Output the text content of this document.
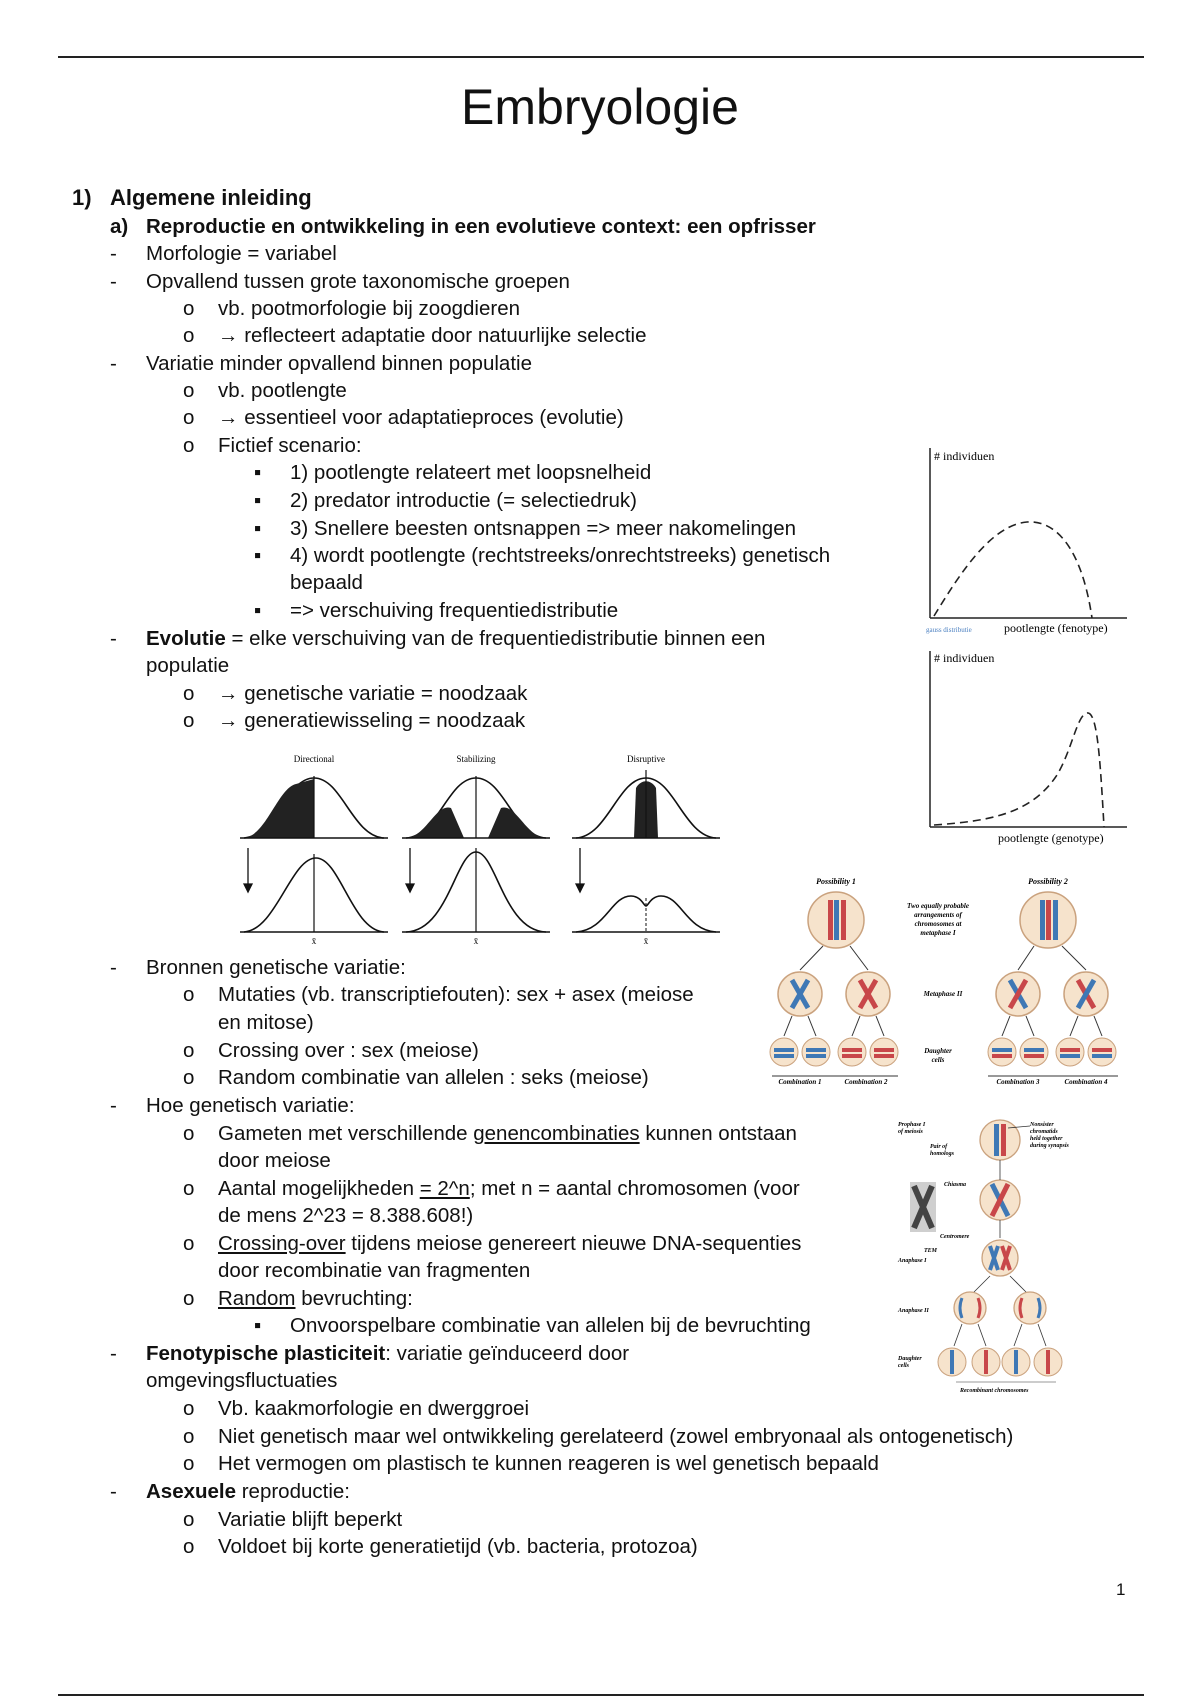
Embryologie
1) Algemene inleiding
a) Reproductie en ontwikkeling in een evolutieve context: een opfrisser
- Morfologie = variabel
- Opvallend tussen grote taxonomische groepen
o vb. pootmorfologie bij zoogdieren
o → reflecteert adaptatie door natuurlijke selectie
- Variatie minder opvallend binnen populatie
o vb. pootlengte
o → essentieel voor adaptatieproces (evolutie)
o Fictief scenario:
▪ 1) pootlengte relateert met loopsnelheid
▪ 2) predator introductie (= selectiedruk)
▪ 3) Snellere beesten ontsnappen => meer nakomelingen
▪ 4) wordt pootlengte (rechtstreeks/onrechtstreeks) genetisch
bepaald
▪ => verschuiving frequentiedistributie
- Evolutie = elke verschuiving van de frequentiedistributie binnen een
populatie
o → genetische variatie = noodzaak
o → generatiewisseling = noodzaak
- Bronnen genetische variatie:
o Mutaties (vb. transcriptiefouten): sex + asex (meiose
en mitose)
o Crossing over : sex (meiose)
o Random combinatie van allelen : seks (meiose)
- Hoe genetisch variatie:
o Gameten met verschillende genencombinaties kunnen ontstaan
door meiose
o Aantal mogelijkheden = 2^n; met n = aantal chromosomen (voor
de mens 2^23 = 8.388.608!)
o Crossing-over tijdens meiose genereert nieuwe DNA-sequenties
door recombinatie van fragmenten
o Random bevruchting:
▪ Onvoorspelbare combinatie van allelen bij de bevruchting
- Fenotypische plasticiteit: variatie geïnduceerd door
omgevingsfluctuaties
o Vb. kaakmorfologie en dwerggroei
o Niet genetisch maar wel ontwikkeling gerelateerd (zowel embryonaal als ontogenetisch)
o Het vermogen om plastisch te kunnen reageren is wel genetisch bepaald
- Asexuele reproductie:
o Variatie blijft beperkt
o Voldoet bij korte generatietijd (vb. bacteria, protozoa)
1
# individuen
pootlengte (fenotype)
gauss distributie
# individuen
pootlengte (genotype)
Directional	Stabilizing	Disruptive
x̄	x̄	x̄
Possibility 1	Possibility 2
Two equally probable
arrangements of
chromosomes at
metaphase I
Metaphase II
Daughter
cells
Combination 1	Combination 2	Combination 3	Combination 4
Prophase I
of meiosis
Pair of
homologs
Nonsister
chromatids
held together
during synapsis
Chiasma
Centromere
TEM
Anaphase I
Anaphase II
Daughter
cells
Recombinant chromosomes
